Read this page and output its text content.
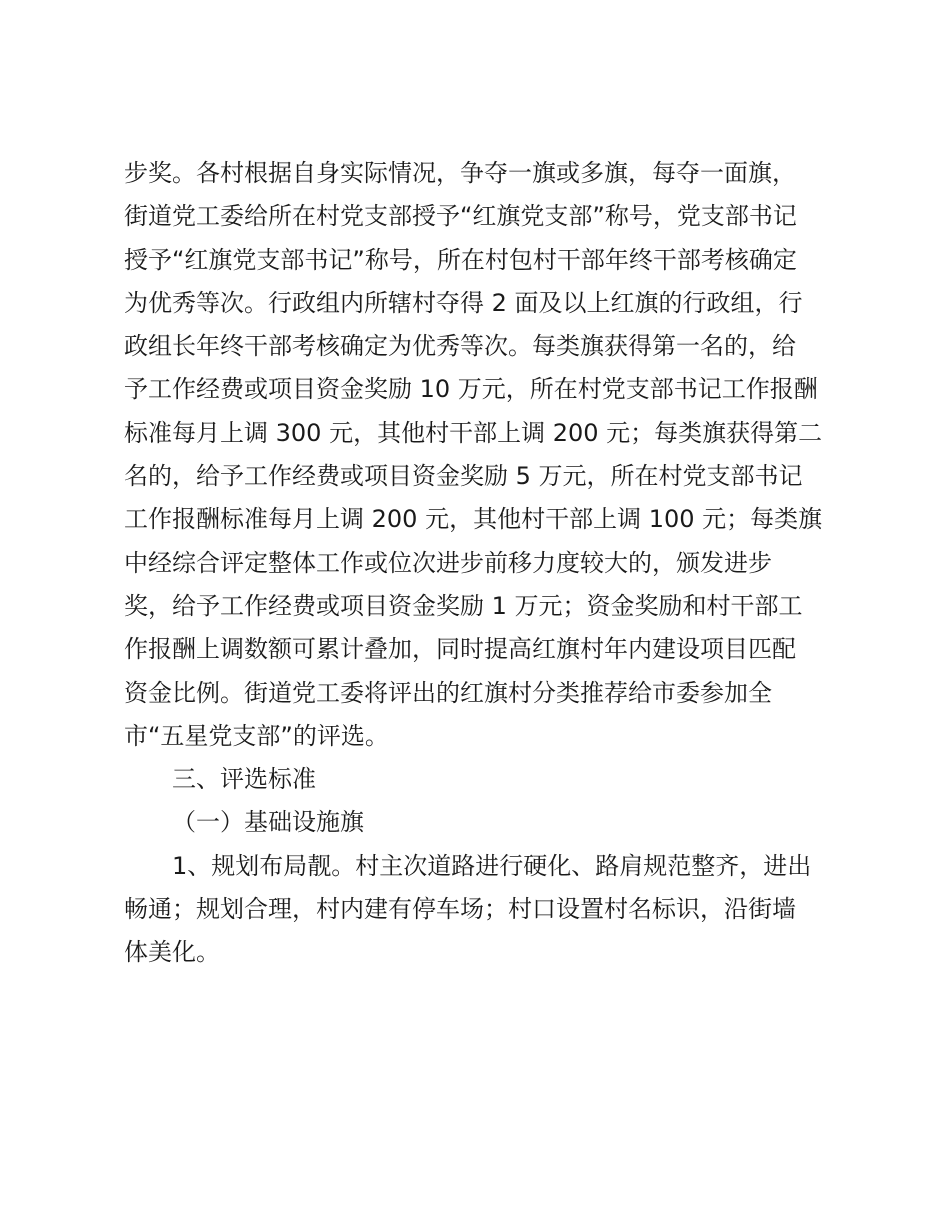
步奖。各村根据自身实际情况，争夺一旗或多旗，每夺一面旗，
街道党工委给所在村党支部授予“红旗党支部”称号，党支部书记
授予“红旗党支部书记”称号，所在村包村干部年终干部考核确定
为优秀等次。行政组内所辖村夺得 2 面及以上红旗的行政组，行
政组长年终干部考核确定为优秀等次。每类旗获得第一名的，给
予工作经费或项目资金奖励 10 万元，所在村党支部书记工作报酬
标准每月上调 300 元，其他村干部上调 200 元；每类旗获得第二
名的，给予工作经费或项目资金奖励 5 万元，所在村党支部书记
工作报酬标准每月上调 200 元，其他村干部上调 100 元；每类旗
中经综合评定整体工作或位次进步前移力度较大的，颁发进步
奖，给予工作经费或项目资金奖励 1 万元；资金奖励和村干部工
作报酬上调数额可累计叠加，同时提高红旗村年内建设项目匹配
资金比例。街道党工委将评出的红旗村分类推荐给市委参加全
市“五星党支部”的评选。
三、评选标准
（一）基础设施旗
1、规划布局靓。村主次道路进行硬化、路肩规范整齐，进出
畅通；规划合理，村内建有停车场；村口设置村名标识，沿街墙
体美化。
